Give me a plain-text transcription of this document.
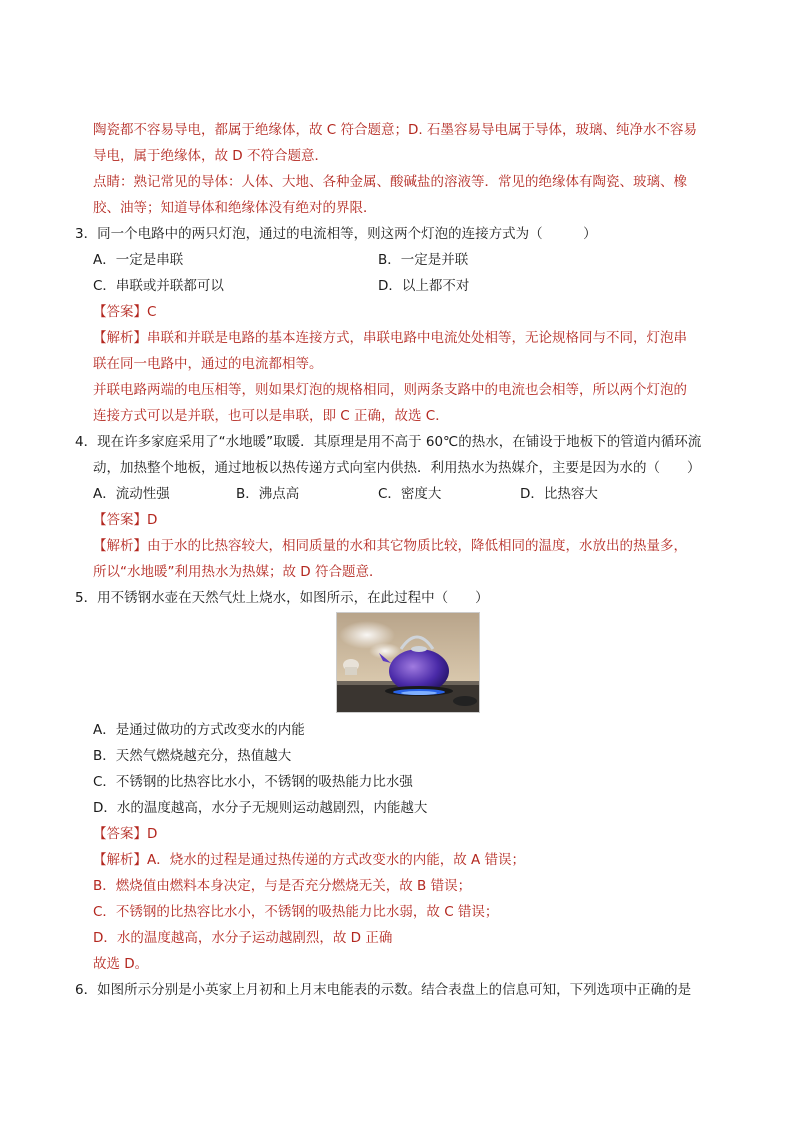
陶瓷都不容易导电，都属于绝缘体，故 C 符合题意；D. 石墨容易导电属于导体，玻璃、纯净水不容易
导电，属于绝缘体，故 D 不符合题意．
点睛：熟记常见的导体：人体、大地、各种金属、酸碱盐的溶液等．常见的绝缘体有陶瓷、玻璃、橡
胶、油等；知道导体和绝缘体没有绝对的界限．
3．同一个电路中的两只灯泡，通过的电流相等，则这两个灯泡的连接方式为（　　　）
A．一定是串联	B．一定是并联
C．串联或并联都可以	D．以上都不对
【答案】C
【解析】串联和并联是电路的基本连接方式，串联电路中电流处处相等，无论规格同与不同，灯泡串
联在同一电路中，通过的电流都相等。
并联电路两端的电压相等，则如果灯泡的规格相同，则两条支路中的电流也会相等，所以两个灯泡的
连接方式可以是并联，也可以是串联，即 C 正确，故选 C．
4．现在许多家庭采用了“水地暖”取暖．其原理是用不高于 60℃的热水，在铺设于地板下的管道内循环流
动，加热整个地板，通过地板以热传递方式向室内供热．利用热水为热媒介，主要是因为水的（　　）
A．流动性强	B．沸点高	C．密度大	D．比热容大
【答案】D
【解析】由于水的比热容较大，相同质量的水和其它物质比较，降低相同的温度，水放出的热量多，
所以“水地暖”利用热水为热媒；故 D 符合题意．
5．用不锈钢水壶在天然气灶上烧水，如图所示，在此过程中（　　）
A．是通过做功的方式改变水的内能
B．天然气燃烧越充分，热值越大
C．不锈钢的比热容比水小，不锈钢的吸热能力比水强
D．水的温度越高，水分子无规则运动越剧烈，内能越大
【答案】D
【解析】A．烧水的过程是通过热传递的方式改变水的内能，故 A 错误；
B．燃烧值由燃料本身决定，与是否充分燃烧无关，故 B 错误；
C．不锈钢的比热容比水小，不锈钢的吸热能力比水弱，故 C 错误；
D．水的温度越高，水分子运动越剧烈，故 D 正确
故选 D。
6．如图所示分别是小英家上月初和上月末电能表的示数。结合表盘上的信息可知，下列选项中正确的是
